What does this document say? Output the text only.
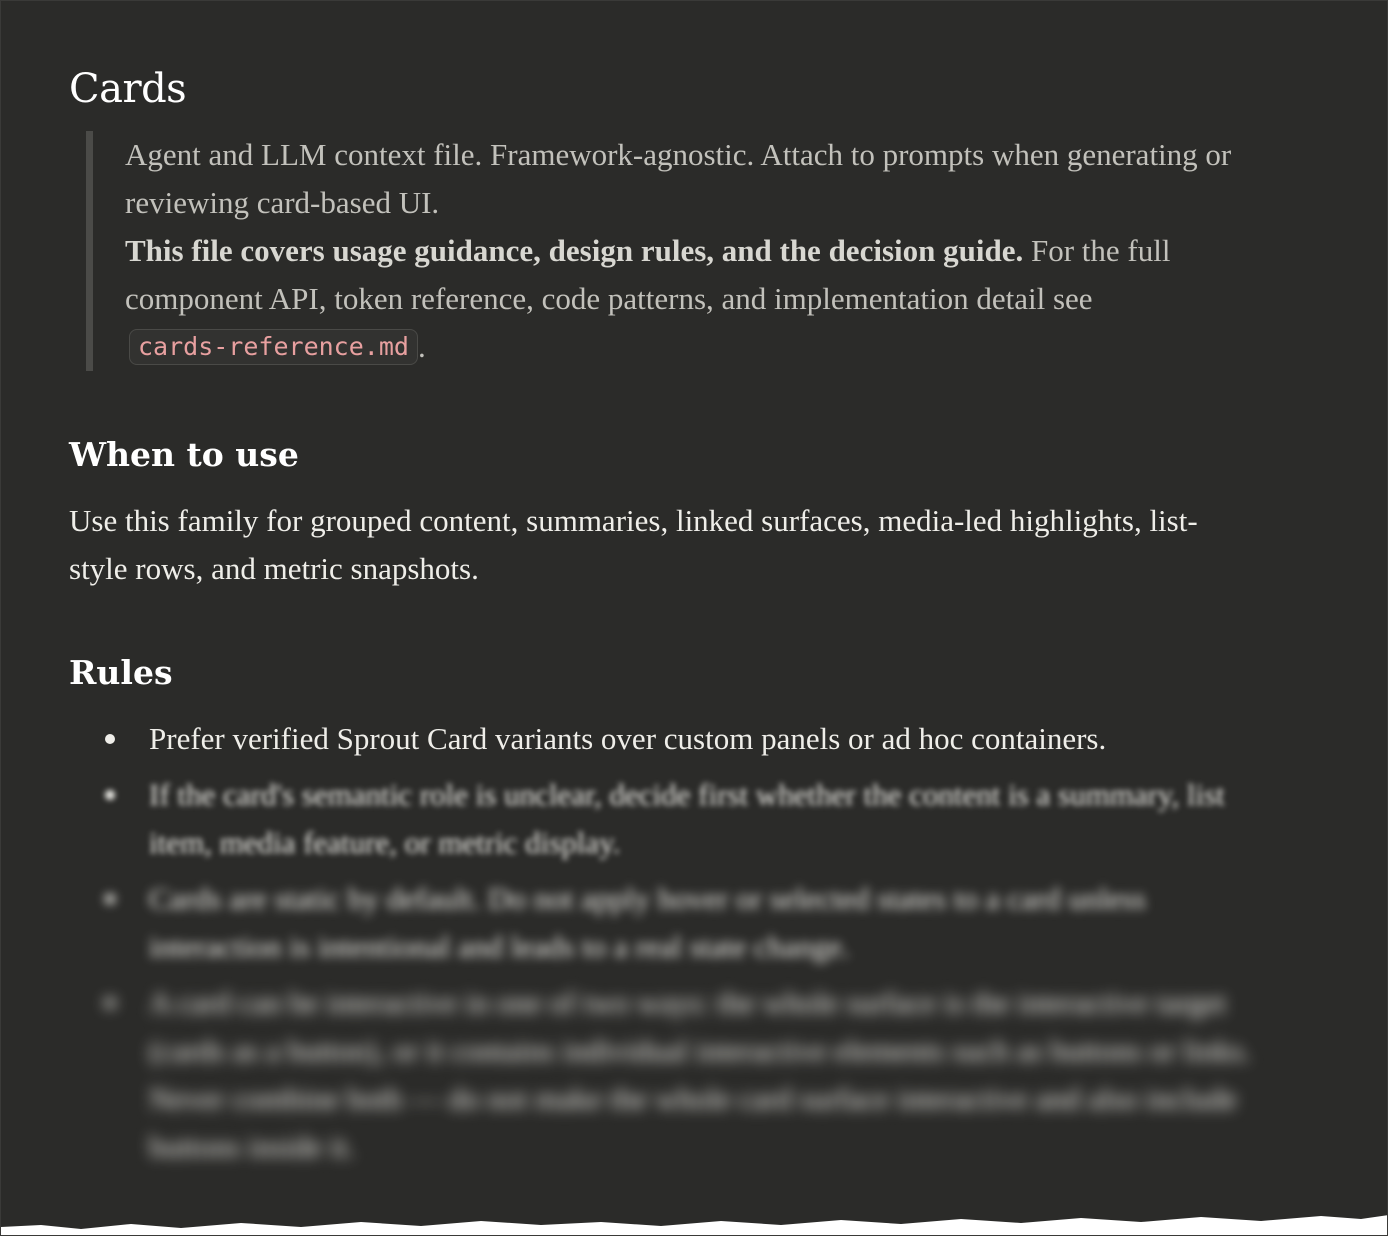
Cards

Agent and LLM context file. Framework-agnostic. Attach to prompts when generating or reviewing card-based UI.

This file covers usage guidance, design rules, and the decision guide. For the full component API, token reference, code patterns, and implementation detail see cards-reference.md .

When to use

Use this family for grouped content, summaries, linked surfaces, media-led highlights, list-style rows, and metric snapshots.

Rules
Prefer verified Sprout Card variants over custom panels or ad hoc containers.
If the card's semantic role is unclear, decide first whether the content is a summary, list item, media feature, or metric display.
Cards are static by default. Do not apply hover or selected states to a card unless interaction is intentional and leads to a real state change.
A card can be interactive in one of two ways: the whole surface is the interactive target (cards as a button), or it contains individual interactive elements such as buttons or links. Never combine both — do not make the whole card surface interactive and also include buttons inside it.
